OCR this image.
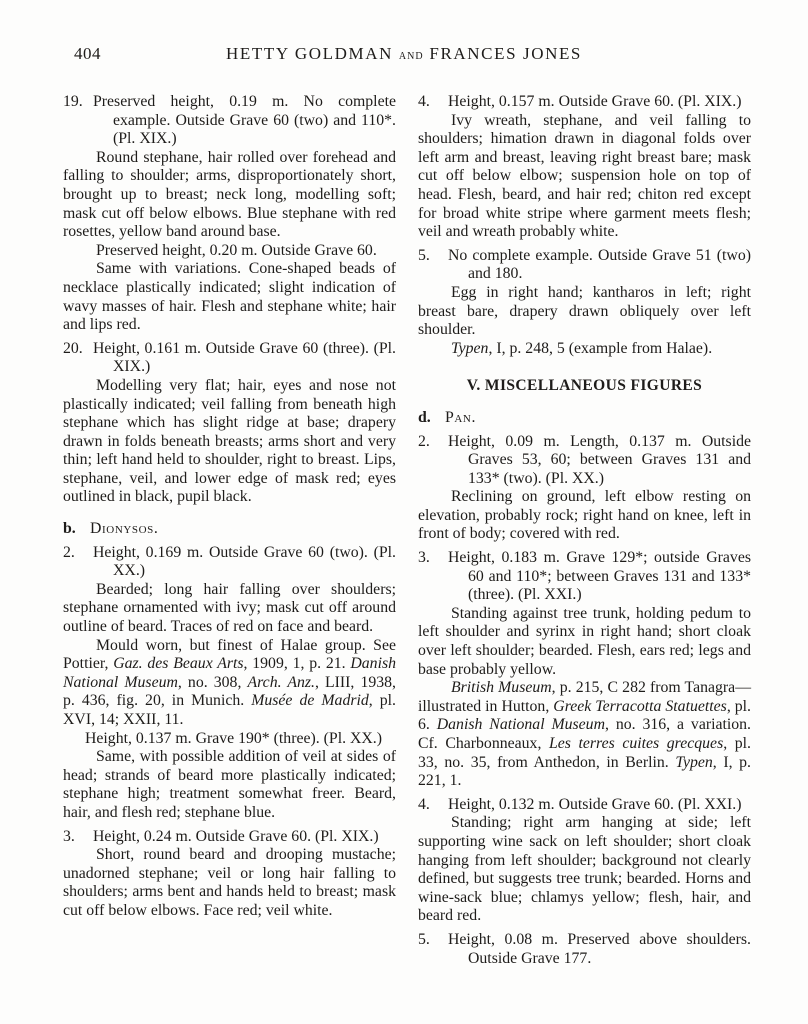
404	HETTY GOLDMAN and FRANCES JONES
19. Preserved height, 0.19 m. No complete example. Outside Grave 60 (two) and 110*. (Pl. XIX.)
Round stephane, hair rolled over forehead and falling to shoulder; arms, disproportionately short, brought up to breast; neck long, modelling soft; mask cut off below elbows. Blue stephane with red rosettes, yellow band around base.
Preserved height, 0.20 m. Outside Grave 60.
Same with variations. Cone-shaped beads of necklace plastically indicated; slight indication of wavy masses of hair. Flesh and stephane white; hair and lips red.
20. Height, 0.161 m. Outside Grave 60 (three). (Pl. XIX.)
Modelling very flat; hair, eyes and nose not plastically indicated; veil falling from beneath high stephane which has slight ridge at base; drapery drawn in folds beneath breasts; arms short and very thin; left hand held to shoulder, right to breast. Lips, stephane, veil, and lower edge of mask red; eyes outlined in black, pupil black.
b. Dionysos.
2. Height, 0.169 m. Outside Grave 60 (two). (Pl. XX.)
Bearded; long hair falling over shoulders; stephane ornamented with ivy; mask cut off around outline of beard. Traces of red on face and beard.
Mould worn, but finest of Halae group. See Pottier, Gaz. des Beaux Arts, 1909, 1, p. 21. Danish National Museum, no. 308, Arch. Anz., LIII, 1938, p. 436, fig. 20, in Munich. Musée de Madrid, pl. XVI, 14; XXII, 11.
Height, 0.137 m. Grave 190* (three). (Pl. XX.)
Same, with possible addition of veil at sides of head; strands of beard more plastically indicated; stephane high; treatment somewhat freer. Beard, hair, and flesh red; stephane blue.
3. Height, 0.24 m. Outside Grave 60. (Pl. XIX.)
Short, round beard and drooping mustache; unadorned stephane; veil or long hair falling to shoulders; arms bent and hands held to breast; mask cut off below elbows. Face red; veil white.
4. Height, 0.157 m. Outside Grave 60. (Pl. XIX.)
Ivy wreath, stephane, and veil falling to shoulders; himation drawn in diagonal folds over left arm and breast, leaving right breast bare; mask cut off below elbow; suspension hole on top of head. Flesh, beard, and hair red; chiton red except for broad white stripe where garment meets flesh; veil and wreath probably white.
5. No complete example. Outside Grave 51 (two) and 180.
Egg in right hand; kantharos in left; right breast bare, drapery drawn obliquely over left shoulder.
Typen, I, p. 248, 5 (example from Halae).
V. MISCELLANEOUS FIGURES
d. Pan.
2. Height, 0.09 m. Length, 0.137 m. Outside Graves 53, 60; between Graves 131 and 133* (two). (Pl. XX.)
Reclining on ground, left elbow resting on elevation, probably rock; right hand on knee, left in front of body; covered with red.
3. Height, 0.183 m. Grave 129*; outside Graves 60 and 110*; between Graves 131 and 133* (three). (Pl. XXI.)
Standing against tree trunk, holding pedum to left shoulder and syrinx in right hand; short cloak over left shoulder; bearded. Flesh, ears red; legs and base probably yellow.
British Museum, p. 215, C 282 from Tanagra—illustrated in Hutton, Greek Terracotta Statuettes, pl. 6. Danish National Museum, no. 316, a variation. Cf. Charbonneaux, Les terres cuites grecques, pl. 33, no. 35, from Anthedon, in Berlin. Typen, I, p. 221, 1.
4. Height, 0.132 m. Outside Grave 60. (Pl. XXI.)
Standing; right arm hanging at side; left supporting wine sack on left shoulder; short cloak hanging from left shoulder; background not clearly defined, but suggests tree trunk; bearded. Horns and wine-sack blue; chlamys yellow; flesh, hair, and beard red.
5. Height, 0.08 m. Preserved above shoulders. Outside Grave 177.
